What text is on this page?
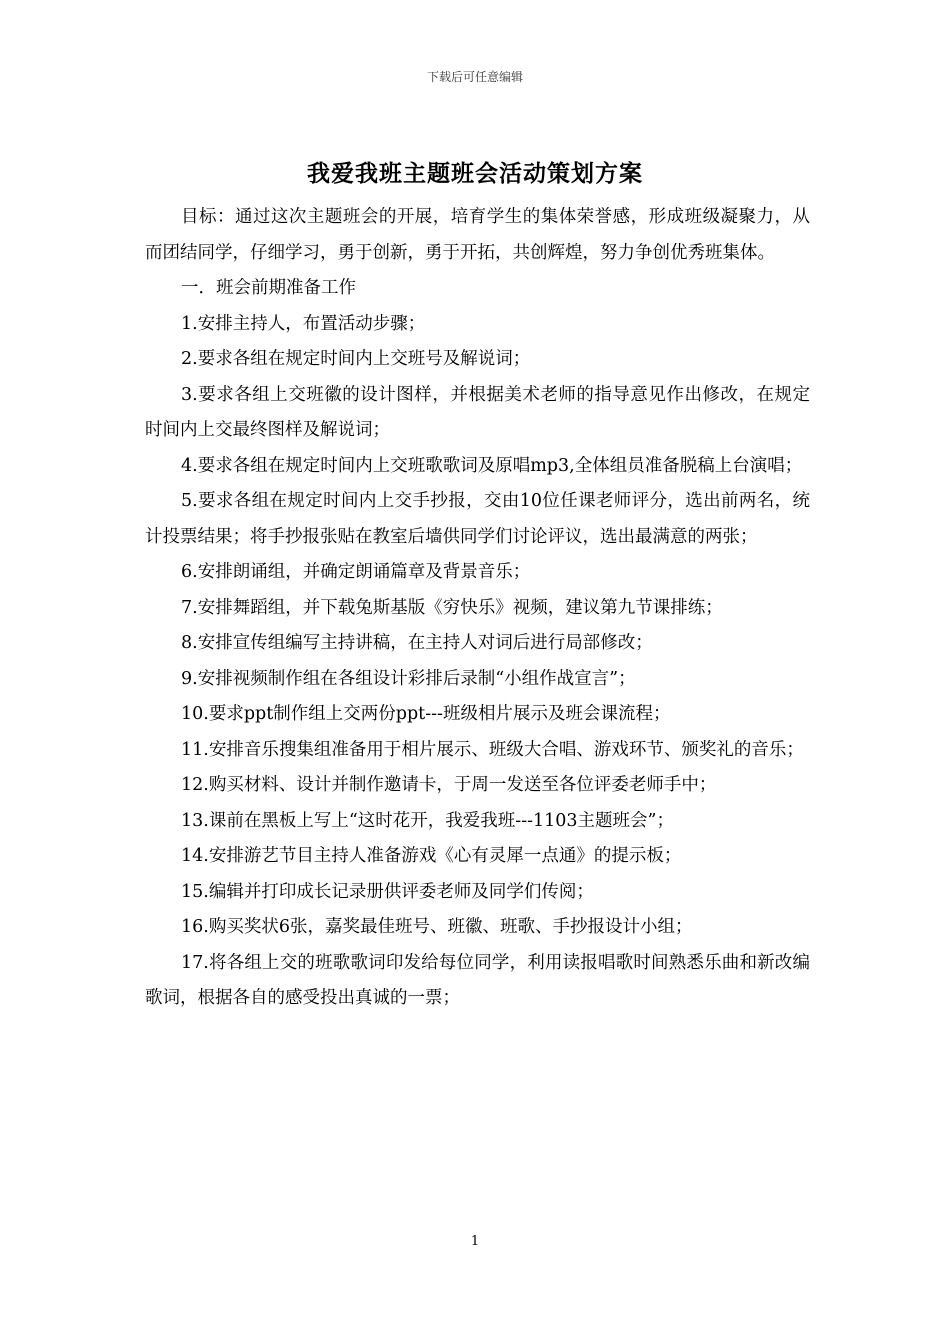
下载后可任意编辑
我爱我班主题班会活动策划方案

目标：通过这次主题班会的开展，培育学生的集体荣誉感，形成班级凝聚力，从而团结同学，仔细学习，勇于创新，勇于开拓，共创辉煌，努力争创优秀班集体。

一．班会前期准备工作

1.安排主持人，布置活动步骤；

2.要求各组在规定时间内上交班号及解说词；

3.要求各组上交班徽的设计图样，并根据美术老师的指导意见作出修改，在规定时间内上交最终图样及解说词；

4.要求各组在规定时间内上交班歌歌词及原唱mp3,全体组员准备脱稿上台演唱；

5.要求各组在规定时间内上交手抄报，交由10位任课老师评分，选出前两名，统计投票结果；将手抄报张贴在教室后墙供同学们讨论评议，选出最满意的两张；

6.安排朗诵组，并确定朗诵篇章及背景音乐；

7.安排舞蹈组，并下载兔斯基版《穷快乐》视频，建议第九节课排练；

8.安排宣传组编写主持讲稿，在主持人对词后进行局部修改；

9.安排视频制作组在各组设计彩排后录制“小组作战宣言”；

10.要求ppt制作组上交两份ppt---班级相片展示及班会课流程；

11.安排音乐搜集组准备用于相片展示、班级大合唱、游戏环节、颁奖礼的音乐；

12.购买材料、设计并制作邀请卡，于周一发送至各位评委老师手中；

13.课前在黑板上写上“这时花开，我爱我班---1103主题班会”；

14.安排游艺节目主持人准备游戏《心有灵犀一点通》的提示板；

15.编辑并打印成长记录册供评委老师及同学们传阅；

16.购买奖状6张，嘉奖最佳班号、班徽、班歌、手抄报设计小组；

17.将各组上交的班歌歌词印发给每位同学，利用读报唱歌时间熟悉乐曲和新改编歌词，根据各自的感受投出真诚的一票；

1
